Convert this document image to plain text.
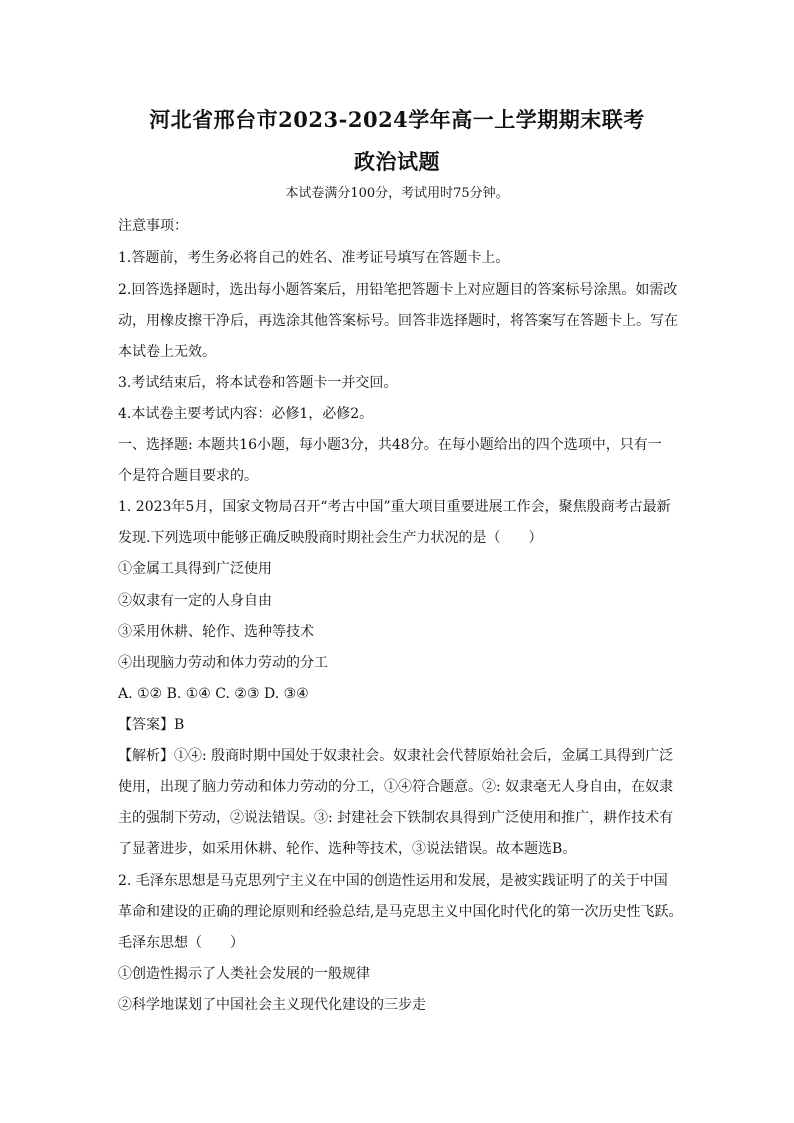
河北省邢台市2023-2024学年高一上学期期末联考
政治试题
本试卷满分100分，考试用时75分钟。
注意事项：
1.答题前，考生务必将自己的姓名、准考证号填写在答题卡上。
2.回答选择题时，选出每小题答案后，用铅笔把答题卡上对应题目的答案标号涂黑。如需改
动，用橡皮擦干净后，再选涂其他答案标号。回答非选择题时，将答案写在答题卡上。写在
本试卷上无效。
3.考试结束后，将本试卷和答题卡一并交回。
4.本试卷主要考试内容：必修1，必修2。
一、选择题: 本题共16小题，每小题3分，共48分。在每小题给出的四个选项中，只有一
个是符合题目要求的。
1. 2023年5月，国家文物局召开“考古中国”重大项目重要进展工作会，聚焦殷商考古最新
发现.下列选项中能够正确反映殷商时期社会生产力状况的是（　　）
①金属工具得到广泛使用
②奴隶有一定的人身自由
③采用休耕、轮作、选种等技术
④出现脑力劳动和体力劳动的分工
A. ①② B. ①④ C. ②③ D. ③④
【答案】B
【解析】①④: 殷商时期中国处于奴隶社会。奴隶社会代替原始社会后，金属工具得到广泛
使用，出现了脑力劳动和体力劳动的分工，①④符合题意。②: 奴隶毫无人身自由，在奴隶
主的强制下劳动，②说法错误。③: 封建社会下铁制农具得到广泛使用和推广，耕作技术有
了显著进步，如采用休耕、轮作、选种等技术，③说法错误。故本题选B。
2. 毛泽东思想是马克思列宁主义在中国的创造性运用和发展，是被实践证明了的关于中国
革命和建设的正确的理论原则和经验总结,是马克思主义中国化时代化的第一次历史性飞跃。
毛泽东思想（　　）
①创造性揭示了人类社会发展的一般规律
②科学地谋划了中国社会主义现代化建设的三步走
